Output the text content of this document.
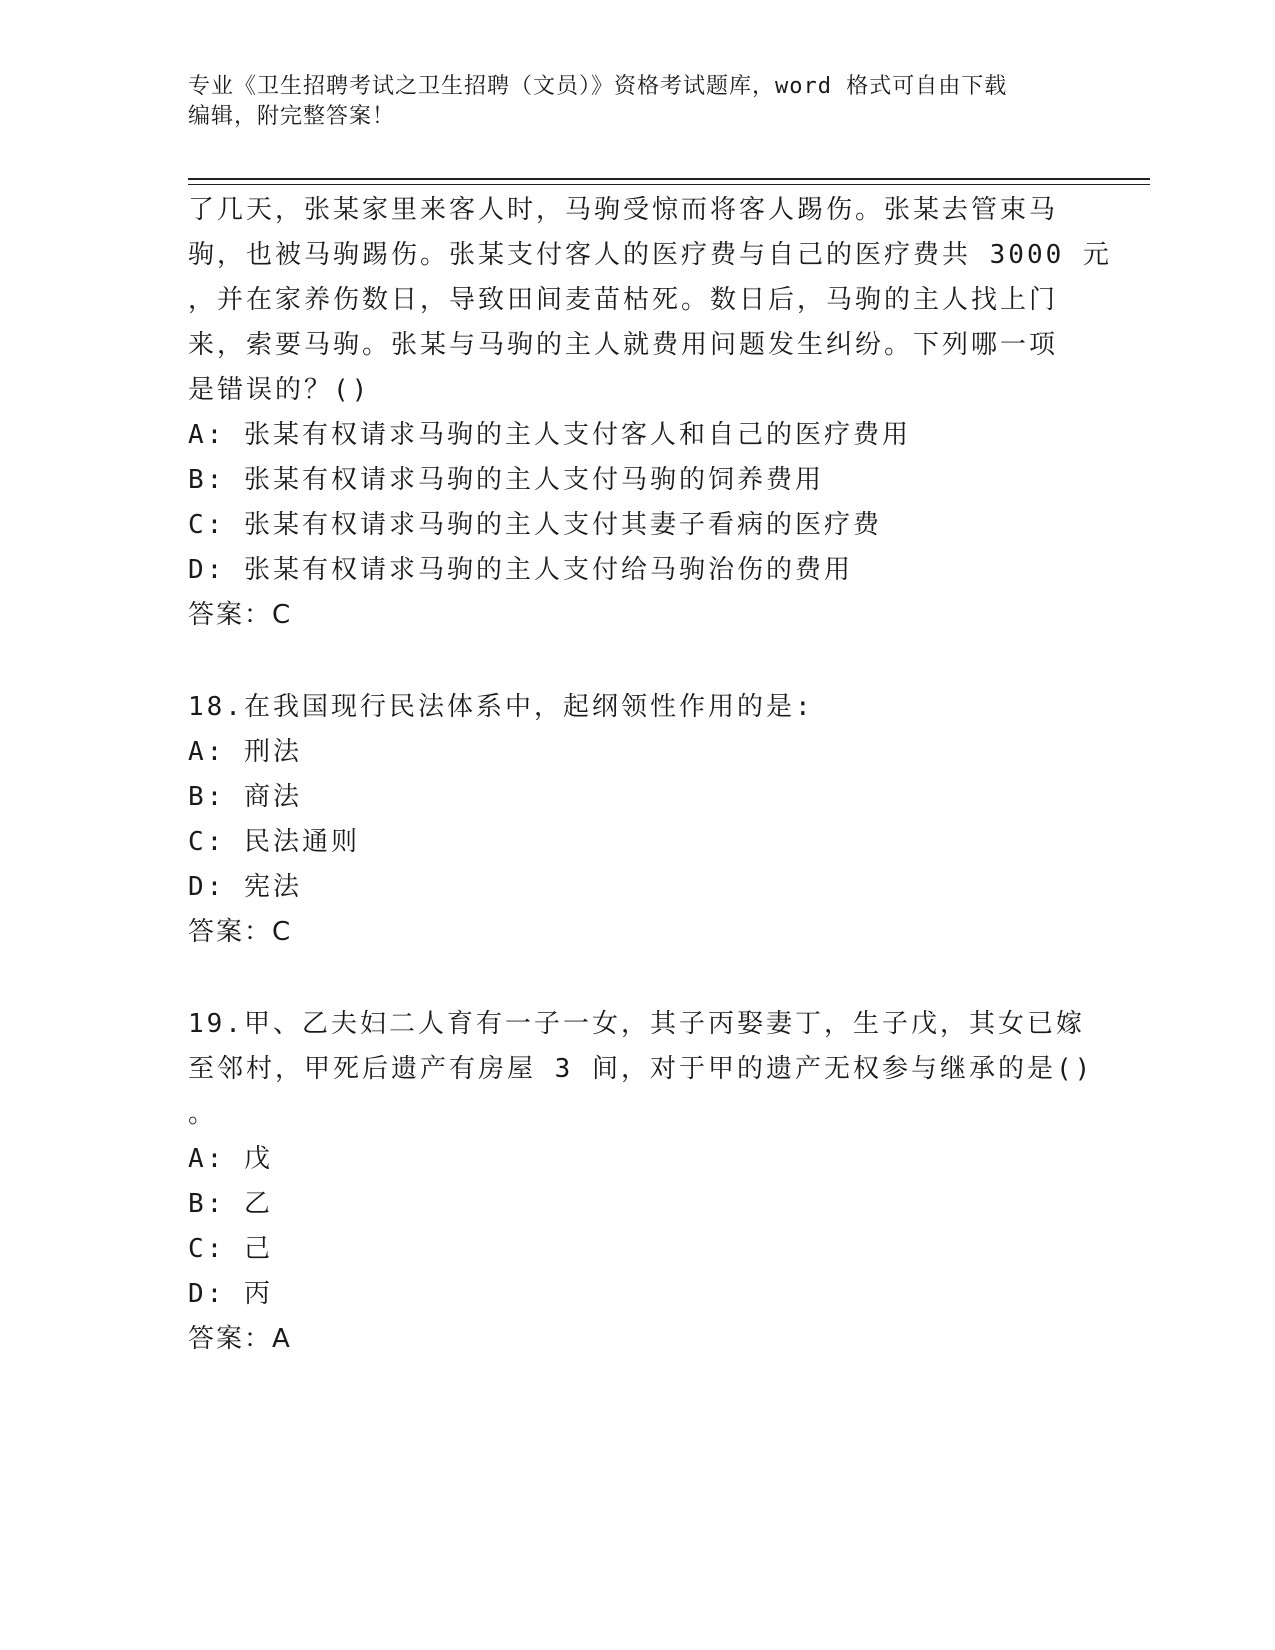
专业《卫生招聘考试之卫生招聘（文员）》资格考试题库，word 格式可自由下载
编辑，附完整答案！
了几天，张某家里来客人时，马驹受惊而将客人踢伤。张某去管束马
驹，也被马驹踢伤。张某支付客人的医疗费与自己的医疗费共 3000 元
，并在家养伤数日，导致田间麦苗枯死。数日后，马驹的主人找上门
来，索要马驹。张某与马驹的主人就费用问题发生纠纷。下列哪一项
是错误的？()
A: 张某有权请求马驹的主人支付客人和自己的医疗费用
B: 张某有权请求马驹的主人支付马驹的饲养费用
C: 张某有权请求马驹的主人支付其妻子看病的医疗费
D: 张某有权请求马驹的主人支付给马驹治伤的费用
答案：C
18.在我国现行民法体系中，起纲领性作用的是:
A: 刑法
B: 商法
C: 民法通则
D: 宪法
答案：C
19.甲、乙夫妇二人育有一子一女，其子丙娶妻丁，生子戊，其女已嫁
至邻村，甲死后遗产有房屋 3 间，对于甲的遗产无权参与继承的是()
。
A: 戊
B: 乙
C: 己
D: 丙
答案：A
